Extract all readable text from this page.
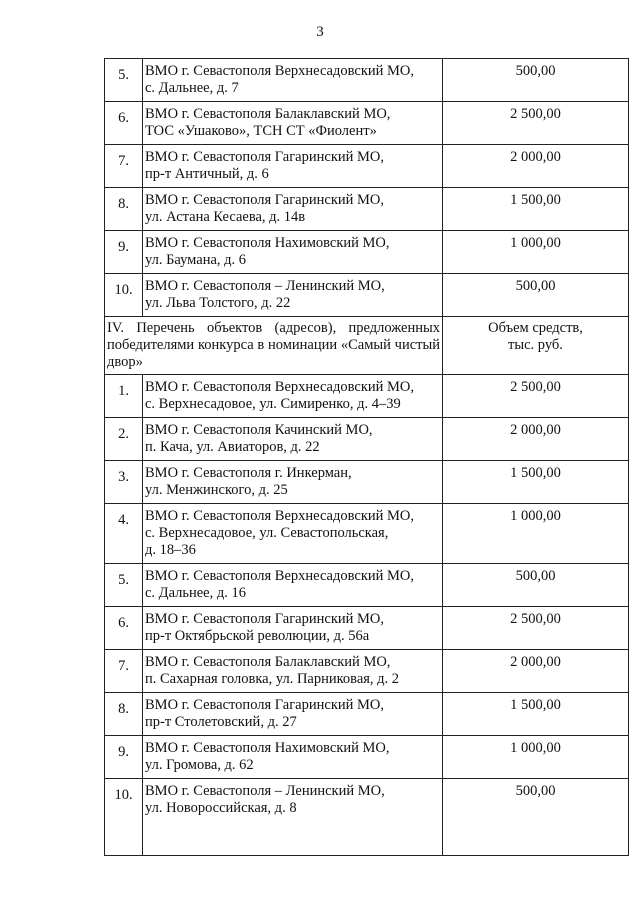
3
5.	ВМО г. Севастополя Верхнесадовский МО,
с. Дальнее, д. 7	500,00
6.	ВМО г. Севастополя Балаклавский МО,
ТОС «Ушаково», ТСН СТ «Фиолент»	2 500,00
7.	ВМО г. Севастополя Гагаринский МО,
пр-т Античный, д. 6	2 000,00
8.	ВМО г. Севастополя Гагаринский МО,
ул. Астана Кесаева, д. 14в	1 500,00
9.	ВМО г. Севастополя Нахимовский МО,
ул. Баумана, д. 6	1 000,00
10.	ВМО г. Севастополя – Ленинский МО,
ул. Льва Толстого, д. 22	500,00
IV. Перечень объектов (адресов), предложенных победителями конкурса в номинации «Самый чистый двор»		Объем средств,
тыс. руб.

1.	ВМО г. Севастополя Верхнесадовский МО,
с. Верхнесадовое, ул. Симиренко, д. 4–39	2 500,00
2.	ВМО г. Севастополя Качинский МО,
п. Кача, ул. Авиаторов, д. 22	2 000,00
3.	ВМО г. Севастополя г. Инкерман,
ул. Менжинского, д. 25	1 500,00
4.	ВМО г. Севастополя Верхнесадовский МО,
с. Верхнесадовое, ул. Севастопольская,
д. 18–36	1 000,00
5.	ВМО г. Севастополя Верхнесадовский МО,
с. Дальнее, д. 16	500,00
6.	ВМО г. Севастополя Гагаринский МО,
пр-т Октябрьской революции, д. 56а	2 500,00
7.	ВМО г. Севастополя Балаклавский МО,
п. Сахарная головка, ул. Парниковая, д. 2	2 000,00
8.	ВМО г. Севастополя Гагаринский МО,
пр-т Столетовский, д. 27	1 500,00
9.	ВМО г. Севастополя Нахимовский МО,
ул. Громова, д. 62	1 000,00
10.	ВМО г. Севастополя – Ленинский МО,
ул. Новороссийская, д. 8	500,00
